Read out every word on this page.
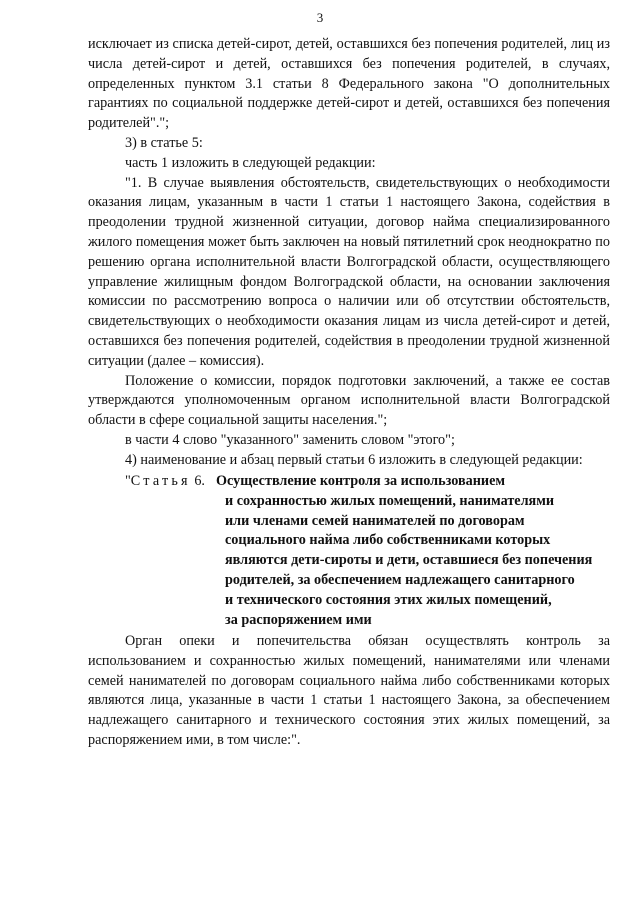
3

исключает из списка детей-сирот, детей, оставшихся без попечения родителей, лиц из числа детей-сирот и детей, оставшихся без попечения родителей, в случаях, определенных пунктом 3.1 статьи 8 Федерального закона "О дополнительных гарантиях по социальной поддержке детей-сирот и детей, оставшихся без попечения родителей".";

3) в статье 5:

часть 1 изложить в следующей редакции:

"1. В случае выявления обстоятельств, свидетельствующих о необходимости оказания лицам, указанным в части 1 статьи 1 настоящего Закона, содействия в преодолении трудной жизненной ситуации, договор найма специализированного жилого помещения может быть заключен на новый пятилетний срок неоднократно по решению органа исполнительной власти Волгоградской области, осуществляющего управление жилищным фондом Волгоградской области, на основании заключения комиссии по рассмотрению вопроса о наличии или об отсутствии обстоятельств, свидетельствующих о необходимости оказания лицам из числа детей-сирот и детей, оставшихся без попечения родителей, содействия в преодолении трудной жизненной ситуации (далее – комиссия).

Положение о комиссии, порядок подготовки заключений, а также ее состав утверждаются уполномоченным органом исполнительной власти Волгоградской области в сфере социальной защиты населения.";

в части 4 слово "указанного" заменить словом "этого";

4) наименование и абзац первый статьи 6 изложить в следующей редакции:

"Статья 6. Осуществление контроля за использованием
и сохранностью жилых помещений, нанимателями
или членами семей нанимателей по договорам
социального найма либо собственниками которых
являются дети-сироты и дети, оставшиеся без попечения
родителей, за обеспечением надлежащего санитарного
и технического состояния этих жилых помещений,
за распоряжением ими

Орган опеки и попечительства обязан осуществлять контроль за использованием и сохранностью жилых помещений, нанимателями или членами семей нанимателей по договорам социального найма либо собственниками которых являются лица, указанные в части 1 статьи 1 настоящего Закона, за обеспечением надлежащего санитарного и технического состояния этих жилых помещений, за распоряжением ими, в том числе:".
